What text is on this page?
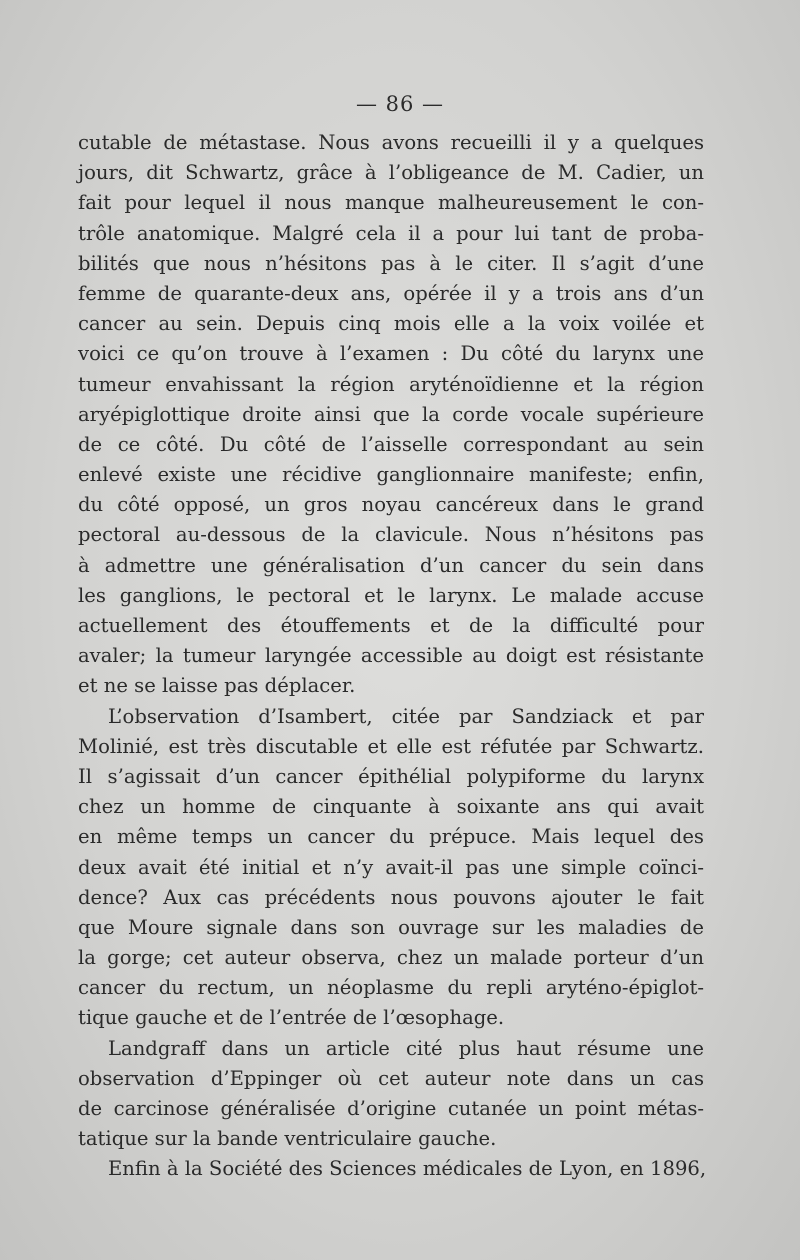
— 86 —
cutable de métastase. Nous avons recueilli il y a quelques
jours, dit Schwartz, grâce à l’obligeance de M. Cadier, un
fait pour lequel il nous manque malheureusement le con-
trôle anatomique. Malgré cela il a pour lui tant de proba-
bilités que nous n’hésitons pas à le citer. Il s’agit d’une
femme de quarante-deux ans, opérée il y a trois ans d’un
cancer au sein. Depuis cinq mois elle a la voix voilée et
voici ce qu’on trouve à l’examen : Du côté du larynx une
tumeur envahissant la région aryténoïdienne et la région
aryépiglottique droite ainsi que la corde vocale supérieure
de ce côté. Du côté de l’aisselle correspondant au sein
enlevé existe une récidive ganglionnaire manifeste; enfin,
du côté opposé, un gros noyau cancéreux dans le grand
pectoral au-dessous de la clavicule. Nous n’hésitons pas
à admettre une généralisation d’un cancer du sein dans
les ganglions, le pectoral et le larynx. Le malade accuse
actuellement des étouffements et de la difficulté pour
avaler; la tumeur laryngée accessible au doigt est résistante
et ne se laisse pas déplacer.
L’observation d’Isambert, citée par Sandziack et par
Molinié, est très discutable et elle est réfutée par Schwartz.
Il s’agissait d’un cancer épithélial polypiforme du larynx
chez un homme de cinquante à soixante ans qui avait
en même temps un cancer du prépuce. Mais lequel des
deux avait été initial et n’y avait-il pas une simple coïnci-
dence? Aux cas précédents nous pouvons ajouter le fait
que Moure signale dans son ouvrage sur les maladies de
la gorge; cet auteur observa, chez un malade porteur d’un
cancer du rectum, un néoplasme du repli aryténo-épiglot-
tique gauche et de l’entrée de l’œsophage.
Landgraff dans un article cité plus haut résume une
observation d’Eppinger où cet auteur note dans un cas
de carcinose généralisée d’origine cutanée un point métas-
tatique sur la bande ventriculaire gauche.
Enfin à la Société des Sciences médicales de Lyon, en 1896,
